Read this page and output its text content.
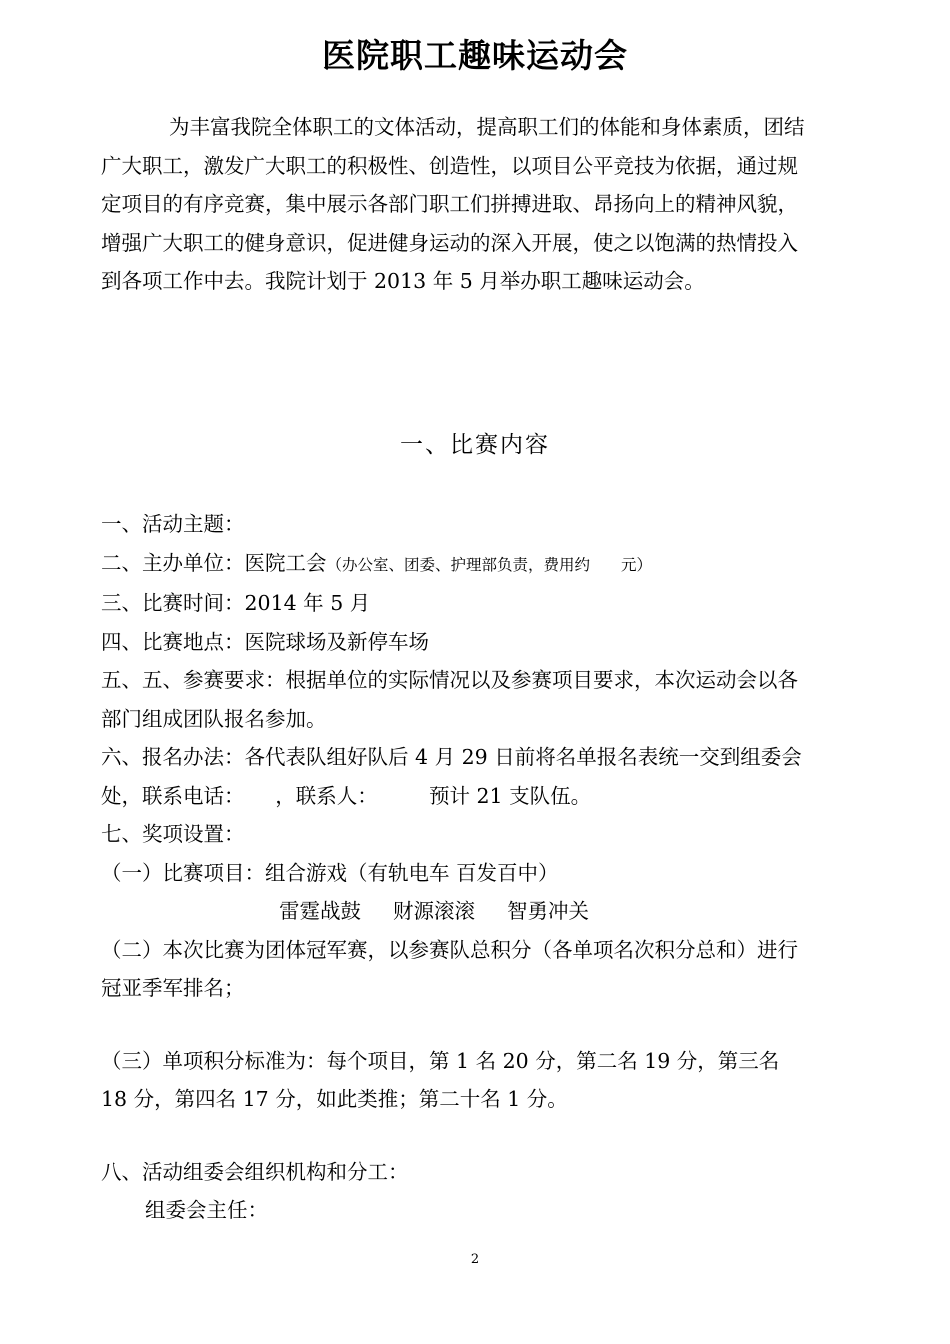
医院职工趣味运动会
为丰富我院全体职工的文体活动，提高职工们的体能和身体素质，团结广大职工，激发广大职工的积极性、创造性，以项目公平竞技为依据，通过规定项目的有序竞赛，集中展示各部门职工们拼搏进取、昂扬向上的精神风貌，增强广大职工的健身意识，促进健身运动的深入开展，使之以饱满的热情投入到各项工作中去。我院计划于 2013 年 5 月举办职工趣味运动会。
一、比赛内容

一、活动主题：

二、主办单位：医院工会（办公室、团委、护理部负责，费用约　　元）

三、比赛时间：2014 年 5 月

四、比赛地点：医院球场及新停车场

五、五、参赛要求：根据单位的实际情况以及参赛项目要求，本次运动会以各部门组成团队报名参加。

六、报名办法：各代表队组好队后 4 月 29 日前将名单报名表统一交到组委会处，联系电话：　　，联系人：　　　预计 21 支队伍。

七、奖项设置：

（一）比赛项目：组合游戏（有轨电车 百发百中）

雷霆战鼓 财源滚滚 智勇冲关

（二）本次比赛为团体冠军赛，以参赛队总积分（各单项名次积分总和）进行冠亚季军排名；

（三）单项积分标准为：每个项目，第 1 名 20 分，第二名 19 分，第三名 18 分，第四名 17 分，如此类推；第二十名 1 分。

八、活动组委会组织机构和分工：

组委会主任：

2
